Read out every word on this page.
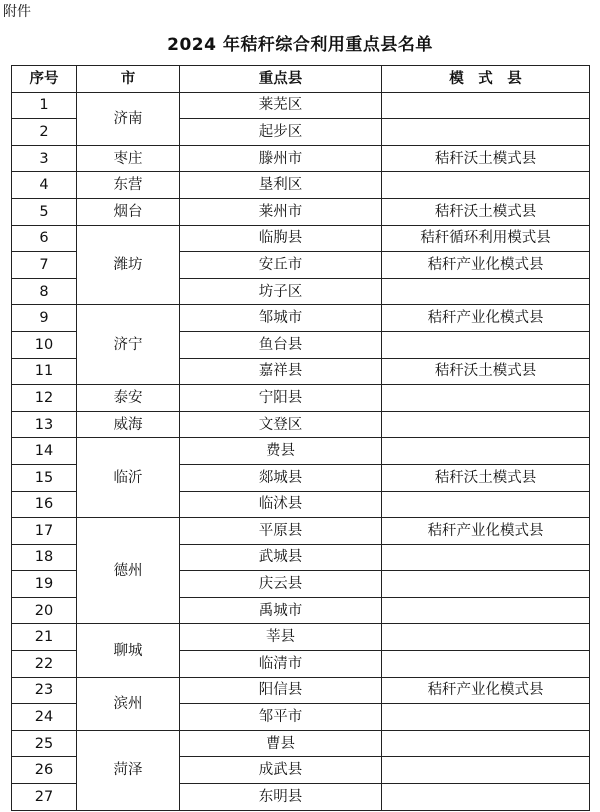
附件
2024 年秸秆综合利用重点县名单
序号	市	重点县	模　式　县
1	济南	莱芜区	
2		起步区	
3	枣庄	滕州市	秸秆沃土模式县
4	东营	垦利区	
5	烟台	莱州市	秸秆沃土模式县
6	潍坊	临朐县	秸秆循环利用模式县
7		安丘市	秸秆产业化模式县
8		坊子区	
9	济宁	邹城市	秸秆产业化模式县
10		鱼台县	
11		嘉祥县	秸秆沃土模式县
12	泰安	宁阳县	
13	威海	文登区	
14	临沂	费县	
15		郯城县	秸秆沃土模式县
16		临沭县	
17	德州	平原县	秸秆产业化模式县
18		武城县	
19		庆云县	
20		禹城市	
21	聊城	莘县	
22		临清市	
23	滨州	阳信县	秸秆产业化模式县
24		邹平市	
25	菏泽	曹县	
26		成武县	
27		东明县	
